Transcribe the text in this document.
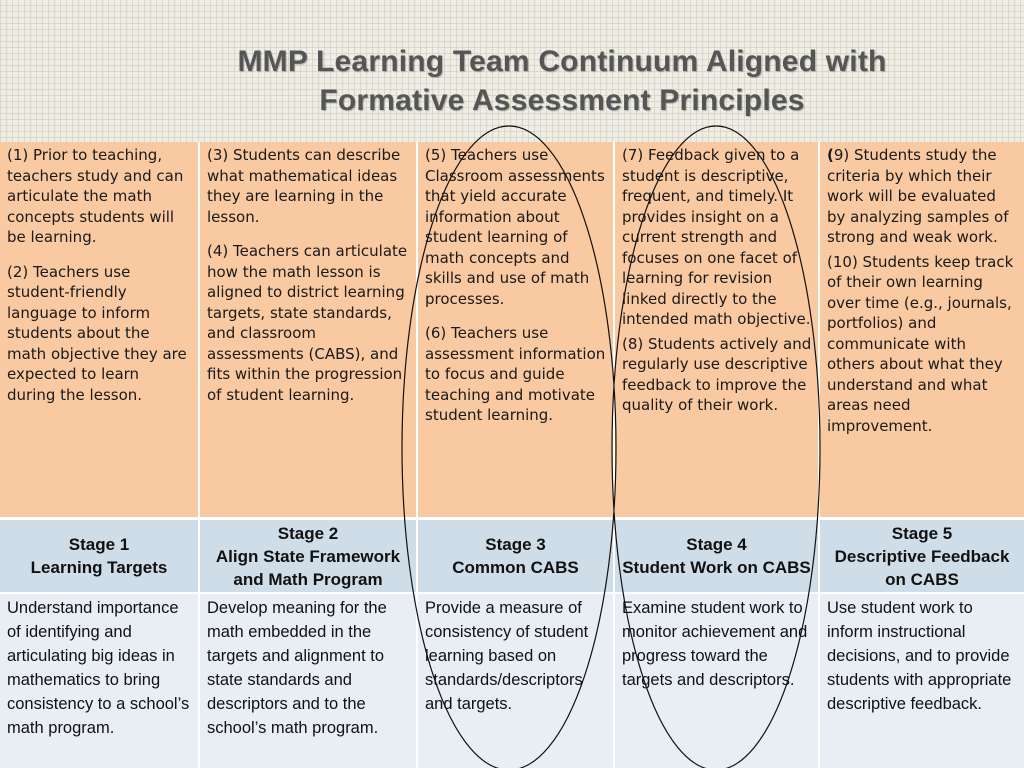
MMP Learning Team Continuum Aligned with
Formative Assessment Principles

(1) Prior to teaching, teachers study and can articulate the math concepts students will be learning.

(2) Teachers use student-friendly language to inform students about the math objective they are expected to learn during the lesson.

(3) Students can describe what mathematical ideas they are learning in the lesson.

(4) Teachers can articulate how the math lesson is aligned to district learning targets, state standards, and classroom assessments (CABS), and fits within the progression of student learning.

(5) Teachers use Classroom assessments that yield accurate information about student learning of math concepts and skills and use of math processes.

(6) Teachers use assessment information to focus and guide teaching and motivate student learning.

(7) Feedback given to a student is descriptive, frequent, and timely. It provides insight on a current strength and focuses on one facet of learning for revision linked directly to the intended math objective.

(8) Students actively and regularly use descriptive feedback to improve the quality of their work.

(9) Students study the criteria by which their work will be evaluated by analyzing samples of strong and weak work.

(10) Students keep track of their own learning over time (e.g., journals, portfolios) and communicate with others about what they understand and what areas need improvement.

Stage 1
Learning Targets
Stage 2
Align State Framework
and Math Program
Stage 3
Common CABS
Stage 4
Student Work on CABS
Stage 5
Descriptive Feedback
on CABS
Understand importance of identifying and articulating big ideas in mathematics to bring consistency to a school’s math program.
Develop meaning for the math embedded in the targets and alignment to state standards and descriptors and to the school’s math program.
Provide a measure of consistency of student learning based on standards/descriptors and targets.
Examine student work to monitor achievement and progress toward the targets and descriptors.
Use student work to inform instructional decisions, and to provide students with appropriate descriptive feedback.
